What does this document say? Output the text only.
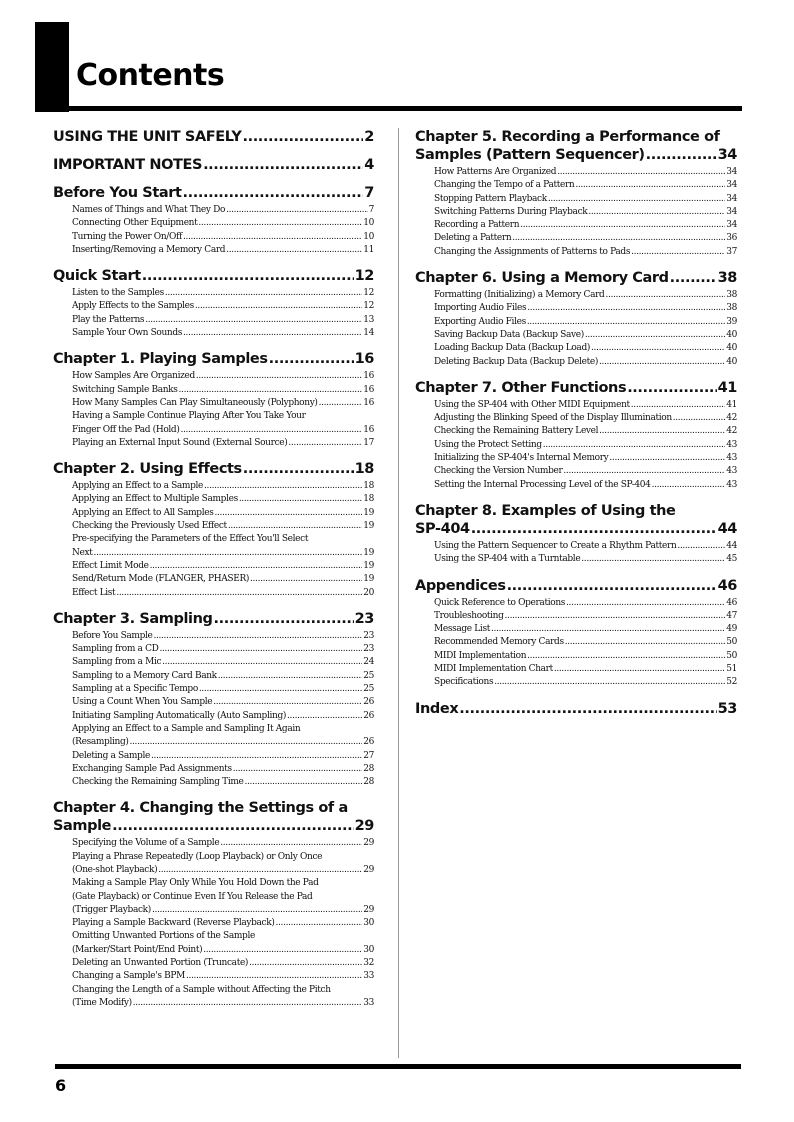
Contents
USING THE UNIT SAFELY .....	2
IMPORTANT NOTES .....	4
Before You Start .....	7
Names of Things and What They Do .....	7
Connecting Other Equipment .....	10
Turning the Power On/Off .....	10
Inserting/Removing a Memory Card .....	11
Quick Start .....	12
Listen to the Samples .....	12
Apply Effects to the Samples .....	12
Play the Patterns .....	13
Sample Your Own Sounds .....	14
Chapter 1. Playing Samples .....	16
How Samples Are Organized .....	16
Switching Sample Banks .....	16
How Many Samples Can Play Simultaneously (Polyphony) .....	16
Having a Sample Continue Playing After You Take Your
Finger Off the Pad (Hold) .....	16
Playing an External Input Sound (External Source) .....	17
Chapter 2. Using Effects .....	18
Applying an Effect to a Sample .....	18
Applying an Effect to Multiple Samples .....	18
Applying an Effect to All Samples .....	19
Checking the Previously Used Effect .....	19
Pre-specifying the Parameters of the Effect You'll Select
Next .....	19
Effect Limit Mode .....	19
Send/Return Mode (FLANGER, PHASER) .....	19
Effect List .....	20
Chapter 3. Sampling .....	23
Before You Sample .....	23
Sampling from a CD .....	23
Sampling from a Mic .....	24
Sampling to a Memory Card Bank .....	25
Sampling at a Specific Tempo .....	25
Using a Count When You Sample .....	26
Initiating Sampling Automatically (Auto Sampling) .....	26
Applying an Effect to a Sample and Sampling It Again
(Resampling) .....	26
Deleting a Sample .....	27
Exchanging Sample Pad Assignments .....	28
Checking the Remaining Sampling Time .....	28
Chapter 4. Changing the Settings of a
Sample .....	29
Specifying the Volume of a Sample .....	29
Playing a Phrase Repeatedly (Loop Playback) or Only Once
(One-shot Playback) .....	29
Making a Sample Play Only While You Hold Down the Pad
(Gate Playback) or Continue Even If You Release the Pad
(Trigger Playback) .....	29
Playing a Sample Backward (Reverse Playback) .....	30
Omitting Unwanted Portions of the Sample
(Marker/Start Point/End Point) .....	30
Deleting an Unwanted Portion (Truncate) .....	32
Changing a Sample's BPM .....	33
Changing the Length of a Sample without Affecting the Pitch
(Time Modify) .....	33
Chapter 5. Recording a Performance of
Samples (Pattern Sequencer) .....	34
How Patterns Are Organized .....	34
Changing the Tempo of a Pattern .....	34
Stopping Pattern Playback .....	34
Switching Patterns During Playback .....	34
Recording a Pattern .....	34
Deleting a Pattern .....	36
Changing the Assignments of Patterns to Pads .....	37
Chapter 6. Using a Memory Card .....	38
Formatting (Initializing) a Memory Card .....	38
Importing Audio Files .....	38
Exporting Audio Files .....	39
Saving Backup Data (Backup Save) .....	40
Loading Backup Data (Backup Load) .....	40
Deleting Backup Data (Backup Delete) .....	40
Chapter 7. Other Functions .....	41
Using the SP-404 with Other MIDI Equipment .....	41
Adjusting the Blinking Speed of the Display Illumination .....	42
Checking the Remaining Battery Level .....	42
Using the Protect Setting .....	43
Initializing the SP-404's Internal Memory .....	43
Checking the Version Number .....	43
Setting the Internal Processing Level of the SP-404 .....	43
Chapter 8. Examples of Using the
SP-404 .....	44
Using the Pattern Sequencer to Create a Rhythm Pattern .....	44
Using the SP-404 with a Turntable .....	45
Appendices .....	46
Quick Reference to Operations .....	46
Troubleshooting .....	47
Message List .....	49
Recommended Memory Cards .....	50
MIDI Implementation .....	50
MIDI Implementation Chart .....	51
Specifications .....	52
Index .....	53
6
